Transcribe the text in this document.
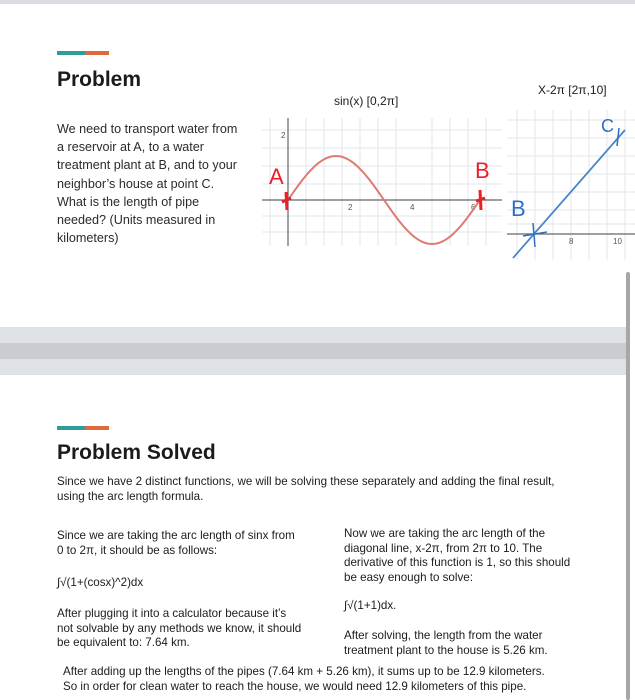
Problem
We need to transport water from
a reservoir at A, to a water
treatment plant at B, and to your
neighbor’s house at point C.
What is the length of pipe
needed? (Units measured in
kilometers)
sin(x) [0,2π]
2
2	4	6
A	B
X-2π [2π,10]
8	10
B
C
Problem Solved
Since we have 2 distinct functions, we will be solving these separately and adding the final result,
using the arc length formula.
Since we are taking the arc length of sinx from
0 to 2π, it should be as follows:
∫√(1+(cosx)^2)dx
After plugging it into a calculator because it’s
not solvable by any methods we know, it should
be equivalent to: 7.64 km.
Now we are taking the arc length of the
diagonal line, x-2π, from 2π to 10. The
derivative of this function is 1, so this should
be easy enough to solve:
∫√(1+1)dx.
After solving, the length from the water
treatment plant to the house is 5.26 km.
After adding up the lengths of the pipes (7.64 km + 5.26 km), it sums up to be 12.9 kilometers.
So in order for clean water to reach the house, we would need 12.9 kilometers of this pipe.
